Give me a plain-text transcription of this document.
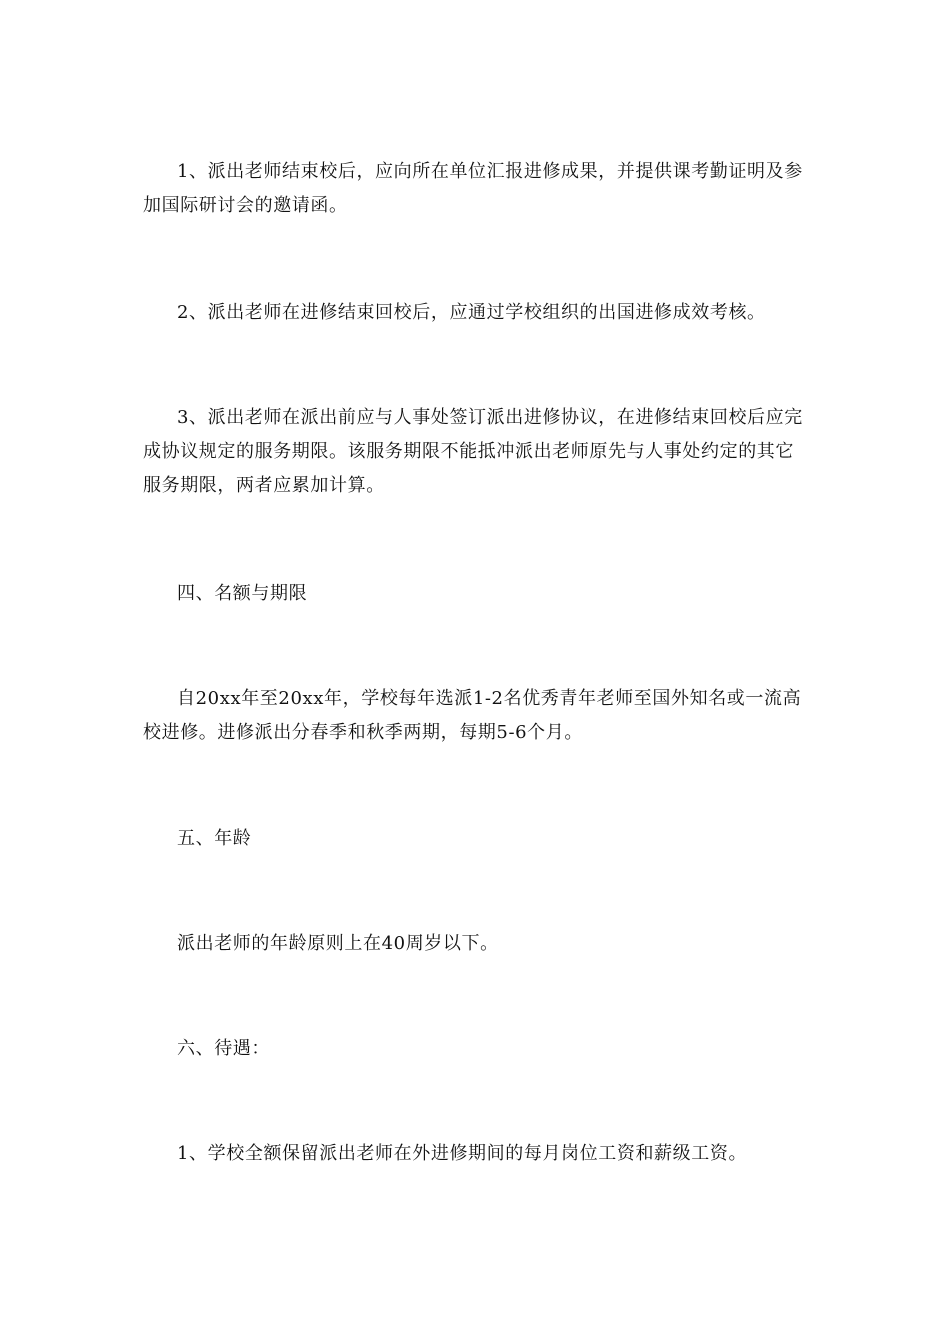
1、派出老师结束校后，应向所在单位汇报进修成果，并提供课考勤证明及参加国际研讨会的邀请函。

2、派出老师在进修结束回校后，应通过学校组织的出国进修成效考核。

3、派出老师在派出前应与人事处签订派出进修协议，在进修结束回校后应完成协议规定的服务期限。该服务期限不能抵冲派出老师原先与人事处约定的其它服务期限，两者应累加计算。

四、名额与期限

自20xx年至20xx年，学校每年选派1-2名优秀青年老师至国外知名或一流高校进修。进修派出分春季和秋季两期，每期5-6个月。

五、年龄

派出老师的年龄原则上在40周岁以下。

六、待遇：

1、学校全额保留派出老师在外进修期间的每月岗位工资和薪级工资。
